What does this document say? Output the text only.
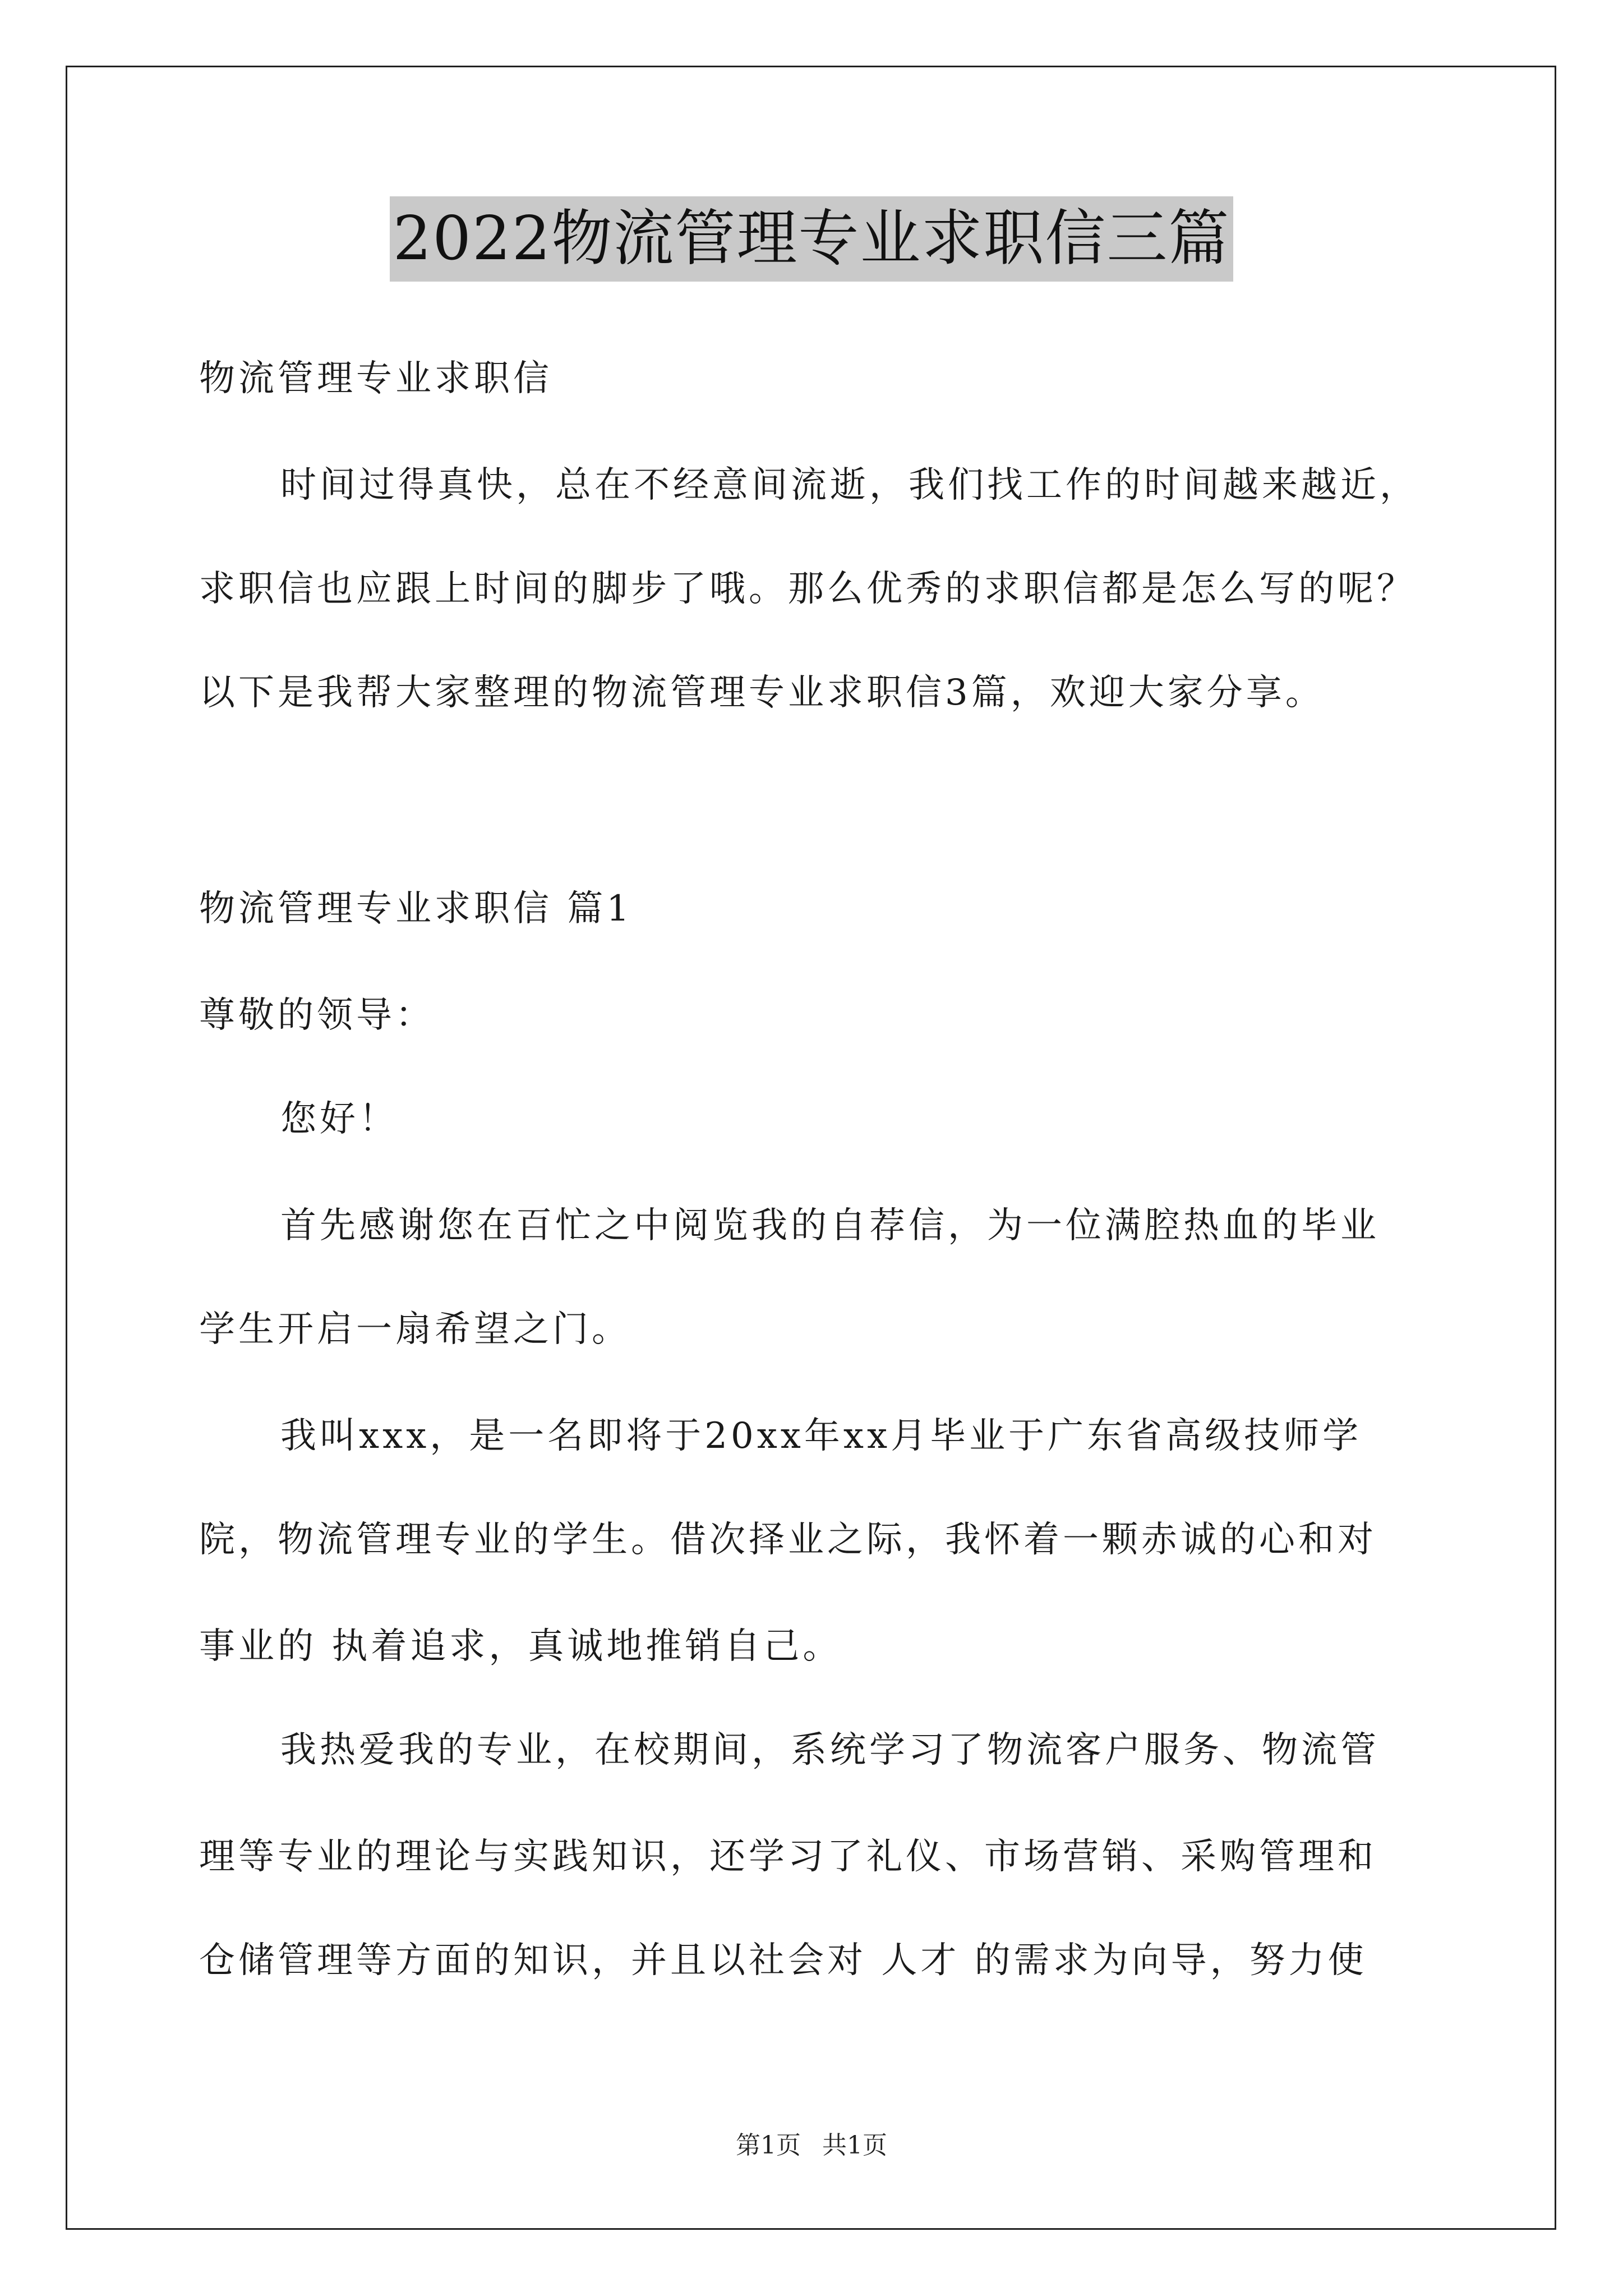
2022物流管理专业求职信三篇
物流管理专业求职信
时间过得真快，总在不经意间流逝，我们找工作的时间越来越近，
求职信也应跟上时间的脚步了哦。那么优秀的求职信都是怎么写的呢？
以下是我帮大家整理的物流管理专业求职信3篇，欢迎大家分享。
物流管理专业求职信 篇1
尊敬的领导：
您好！
首先感谢您在百忙之中阅览我的自荐信，为一位满腔热血的毕业
学生开启一扇希望之门。
我叫xxx，是一名即将于20xx年xx月毕业于广东省高级技师学
院，物流管理专业的学生。借次择业之际，我怀着一颗赤诚的心和对
事业的 执着追求，真诚地推销自己。
我热爱我的专业，在校期间，系统学习了物流客户服务、物流管
理等专业的理论与实践知识，还学习了礼仪、市场营销、采购管理和
仓储管理等方面的知识，并且以社会对 人才 的需求为向导，努力使
第1页 共1页
